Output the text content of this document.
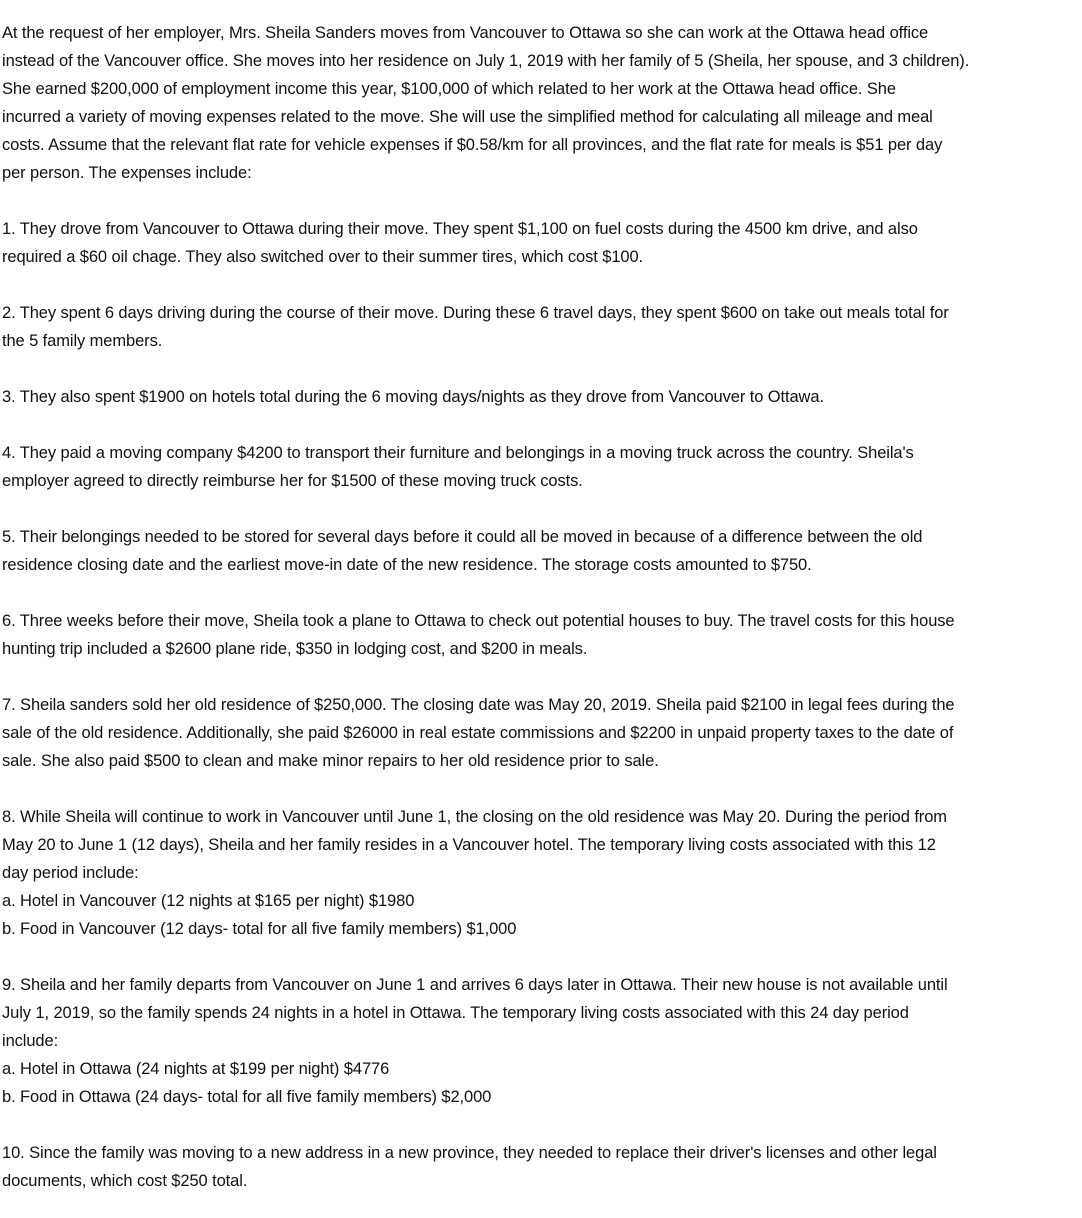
At the request of her employer, Mrs. Sheila Sanders moves from Vancouver to Ottawa so she can work at the Ottawa head office
instead of the Vancouver office. She moves into her residence on July 1, 2019 with her family of 5 (Sheila, her spouse, and 3 children).
She earned $200,000 of employment income this year, $100,000 of which related to her work at the Ottawa head office. She
incurred a variety of moving expenses related to the move. She will use the simplified method for calculating all mileage and meal
costs. Assume that the relevant flat rate for vehicle expenses if $0.58/km for all provinces, and the flat rate for meals is $51 per day
per person. The expenses include:
1. They drove from Vancouver to Ottawa during their move. They spent $1,100 on fuel costs during the 4500 km drive, and also
required a $60 oil chage. They also switched over to their summer tires, which cost $100.
2. They spent 6 days driving during the course of their move. During these 6 travel days, they spent $600 on take out meals total for
the 5 family members.
3. They also spent $1900 on hotels total during the 6 moving days/nights as they drove from Vancouver to Ottawa.
4. They paid a moving company $4200 to transport their furniture and belongings in a moving truck across the country. Sheila's
employer agreed to directly reimburse her for $1500 of these moving truck costs.
5. Their belongings needed to be stored for several days before it could all be moved in because of a difference between the old
residence closing date and the earliest move-in date of the new residence. The storage costs amounted to $750.
6. Three weeks before their move, Sheila took a plane to Ottawa to check out potential houses to buy. The travel costs for this house
hunting trip included a $2600 plane ride, $350 in lodging cost, and $200 in meals.
7. Sheila sanders sold her old residence of $250,000. The closing date was May 20, 2019. Sheila paid $2100 in legal fees during the
sale of the old residence. Additionally, she paid $26000 in real estate commissions and $2200 in unpaid property taxes to the date of
sale. She also paid $500 to clean and make minor repairs to her old residence prior to sale.
8. While Sheila will continue to work in Vancouver until June 1, the closing on the old residence was May 20. During the period from
May 20 to June 1 (12 days), Sheila and her family resides in a Vancouver hotel. The temporary living costs associated with this 12
day period include:
a. Hotel in Vancouver (12 nights at $165 per night) $1980
b. Food in Vancouver (12 days- total for all five family members) $1,000
9. Sheila and her family departs from Vancouver on June 1 and arrives 6 days later in Ottawa. Their new house is not available until
July 1, 2019, so the family spends 24 nights in a hotel in Ottawa. The temporary living costs associated with this 24 day period
include:
a. Hotel in Ottawa (24 nights at $199 per night) $4776
b. Food in Ottawa (24 days- total for all five family members) $2,000
10. Since the family was moving to a new address in a new province, they needed to replace their driver's licenses and other legal
documents, which cost $250 total.
